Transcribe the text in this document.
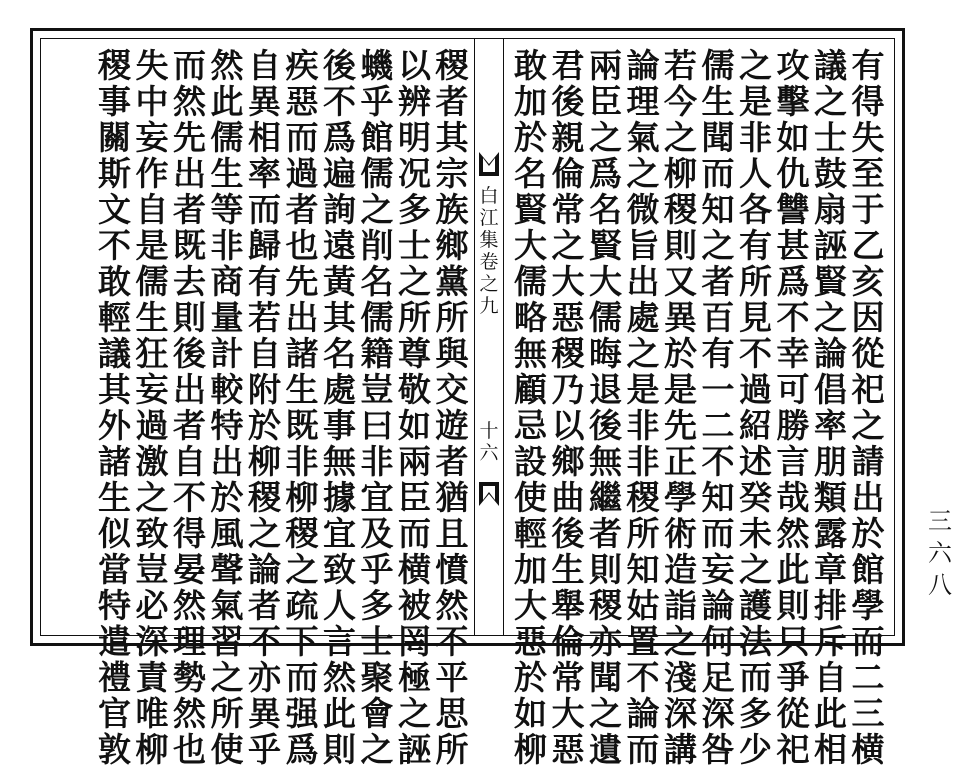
有
得
失
至
于
乙
亥
因
從
祀
之
請
出
於
館
學
而
二
三
横
議
之
士
鼓
扇
誣
賢
之
論
倡
率
朋
類
露
章
排
斥
自
此
相
攻
擊
如
仇
讐
甚
爲
不
幸
可
勝
言
哉
然
此
則
只
爭
從
祀
之
是
非
人
各
有
所
見
不
過
紹
述
癸
未
之
護
法
而
多
少
儒
生
聞
而
知
之
者
百
有
一
二
不
知
而
妄
論
何
足
深
咎
若
今
之
柳
稷
則
又
異
於
是
先
正
學
術
造
詣
之
淺
深
講
論
理
氣
之
微
旨
出
處
之
是
非
非
稷
所
知
姑
置
不
論
而
兩
臣
之
爲
名
賢
大
儒
晦
退
後
無
繼
者
則
稷
亦
聞
之
遺
君
後
親
倫
常
之
大
惡
稷
乃
以
鄉
曲
後
生
舉
倫
常
大
惡
敢
加
於
名
賢
大
儒
略
無
顧
忌
設
使
輕
加
大
惡
於
如
柳
稷
者
其
宗
族
鄉
黨
所
與
交
遊
者
猶
且
憤
然
不
平
思
所
以
辨
明
况
多
士
之
所
尊
敬
如
兩
臣
而
横
被
罔
極
之
誣
蟣
乎
館
儒
之
削
名
儒
籍
豈
曰
非
宜
及
乎
多
士
聚
會
之
後
不
爲
遍
詢
遠
黃
其
名
處
事
無
據
宜
致
人
言
然
此
則
疾
惡
而
過
者
也
先
出
諸
生
既
非
柳
稷
之
疏
下
而
强
爲
自
異
相
率
而
歸
有
若
自
附
於
柳
稷
之
論
者
不
亦
異
乎
然
此
儒
生
等
非
商
量
計
較
特
出
於
風
聲
氣
習
之
所
使
而
然
先
出
者
既
去
則
後
出
者
自
不
得
晏
然
理
勢
然
也
失
中
妄
作
自
是
儒
生
狂
妄
過
激
之
致
豈
必
深
責
唯
柳
稷
事
關
斯
文
不
敢
輕
議
其
外
諸
生
似
當
特
遣
禮
官
敦
白
江
集
卷
之
九
十
六
三
六
八
